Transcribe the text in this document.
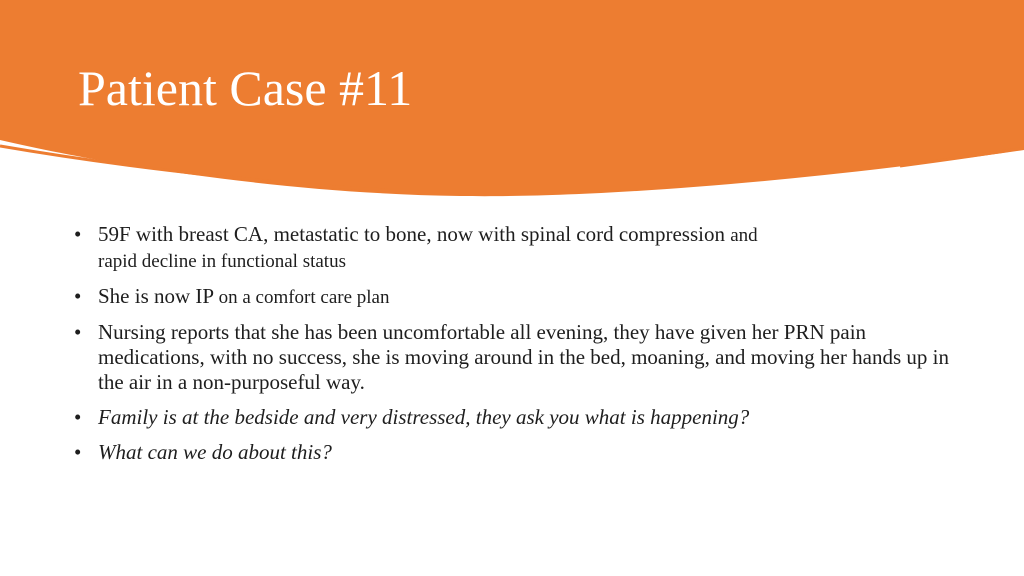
Patient Case #11
• 59F with breast CA, metastatic to bone, now with spinal cord compression and
rapid decline in functional status
• She is now IP on a comfort care plan
• Nursing reports that she has been uncomfortable all evening, they have given her PRN pain medications, with no success, she is moving around in the bed, moaning, and moving her hands up in the air in a non-purposeful way.
• Family is at the bedside and very distressed, they ask you what is happening?
• What can we do about this?
